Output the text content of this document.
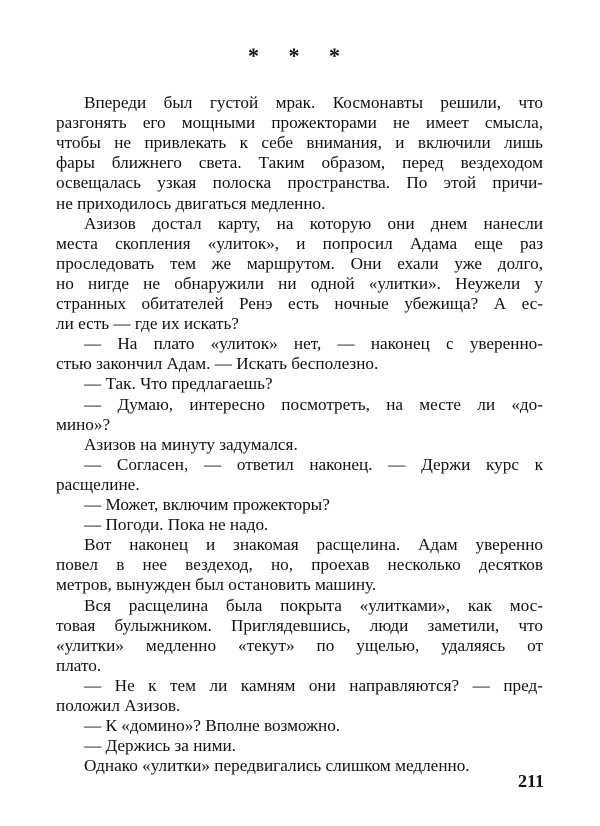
* * *
Впереди был густой мрак. Космонавты решили, что
разгонять его мощными прожекторами не имеет смысла,
чтобы не привлекать к себе внимания, и включили лишь
фары ближнего света. Таким образом, перед вездеходом
освещалась узкая полоска пространства. По этой причи-
не приходилось двигаться медленно.
Азизов достал карту, на которую они днем нанесли
места скопления «улиток», и попросил Адама еще раз
проследовать тем же маршрутом. Они ехали уже долго,
но нигде не обнаружили ни одной «улитки». Неужели у
странных обитателей Ренэ есть ночные убежища? А ес-
ли есть — где их искать?
— На плато «улиток» нет, — наконец с уверенно-
стью закончил Адам. — Искать бесполезно.
— Так. Что предлагаешь?
— Думаю, интересно посмотреть, на месте ли «до-
мино»?
Азизов на минуту задумался.
— Согласен, — ответил наконец. — Держи курс к
расщелине.
— Может, включим прожекторы?
— Погоди. Пока не надо.
Вот наконец и знакомая расщелина. Адам уверенно
повел в нее вездеход, но, проехав несколько десятков
метров, вынужден был остановить машину.
Вся расщелина была покрыта «улитками», как мос-
товая булыжником. Приглядевшись, люди заметили, что
«улитки» медленно «текут» по ущелью, удаляясь от
плато.
— Не к тем ли камням они направляются? — пред-
положил Азизов.
— К «домино»? Вполне возможно.
— Держись за ними.
Однако «улитки» передвигались слишком медленно.
211
